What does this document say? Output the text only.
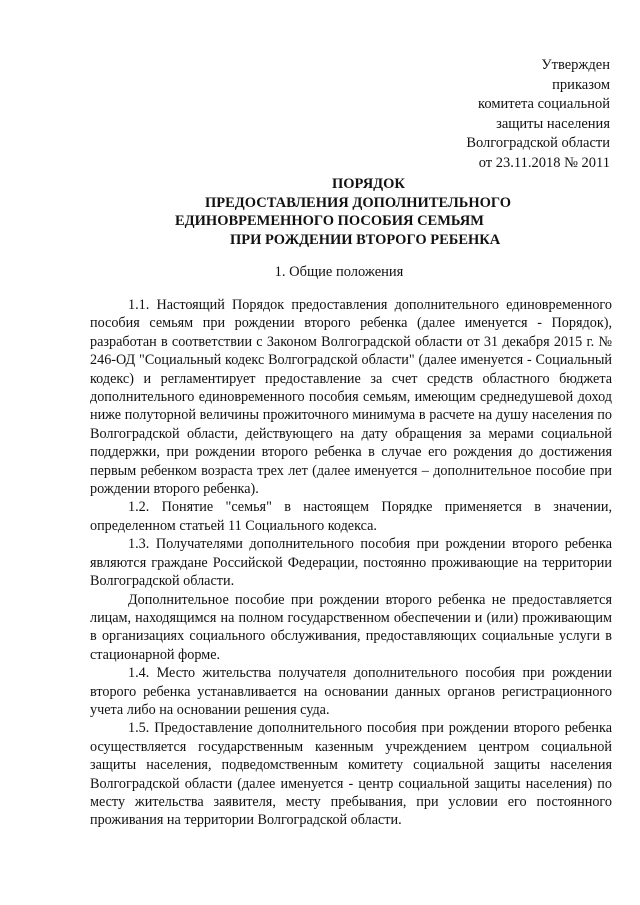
Утвержден
приказом
комитета социальной
защиты населения
Волгоградской области
от 23.11.2018 № 2011
ПОРЯДОК
ПРЕДОСТАВЛЕНИЯ ДОПОЛНИТЕЛЬНОГО
ЕДИНОВРЕМЕННОГО ПОСОБИЯ СЕМЬЯМ
ПРИ РОЖДЕНИИ ВТОРОГО РЕБЕНКА
1. Общие положения

1.1. Настоящий Порядок предоставления дополнительного единовременного пособия семьям при рождении второго ребенка (далее именуется - Порядок), разработан в соответствии с Законом Волгоградской области от 31 декабря 2015 г. № 246-ОД "Социальный кодекс Волгоградской области" (далее именуется - Социальный кодекс) и регламентирует предоставление за счет средств областного бюджета дополнительного единовременного пособия семьям, имеющим среднедушевой доход ниже полуторной величины прожиточного минимума в расчете на душу населения по Волгоградской области, действующего на дату обращения за мерами социальной поддержки, при рождении второго ребенка в случае его рождения до достижения первым ребенком возраста трех лет (далее именуется – дополнительное пособие при рождении второго ребенка).

1.2. Понятие "семья" в настоящем Порядке применяется в значении, определенном статьей 11 Социального кодекса.

1.3. Получателями дополнительного пособия при рождении второго ребенка являются граждане Российской Федерации, постоянно проживающие на территории Волгоградской области.

Дополнительное пособие при рождении второго ребенка не предоставляется лицам, находящимся на полном государственном обеспечении и (или) проживающим в организациях социального обслуживания, предоставляющих социальные услуги в стационарной форме.

1.4. Место жительства получателя дополнительного пособия при рождении второго ребенка устанавливается на основании данных органов регистрационного учета либо на основании решения суда.

1.5. Предоставление дополнительного пособия при рождении второго ребенка осуществляется государственным казенным учреждением центром социальной защиты населения, подведомственным комитету социальной защиты населения Волгоградской области (далее именуется - центр социальной защиты населения) по месту жительства заявителя, месту пребывания, при условии его постоянного проживания на территории Волгоградской области.
